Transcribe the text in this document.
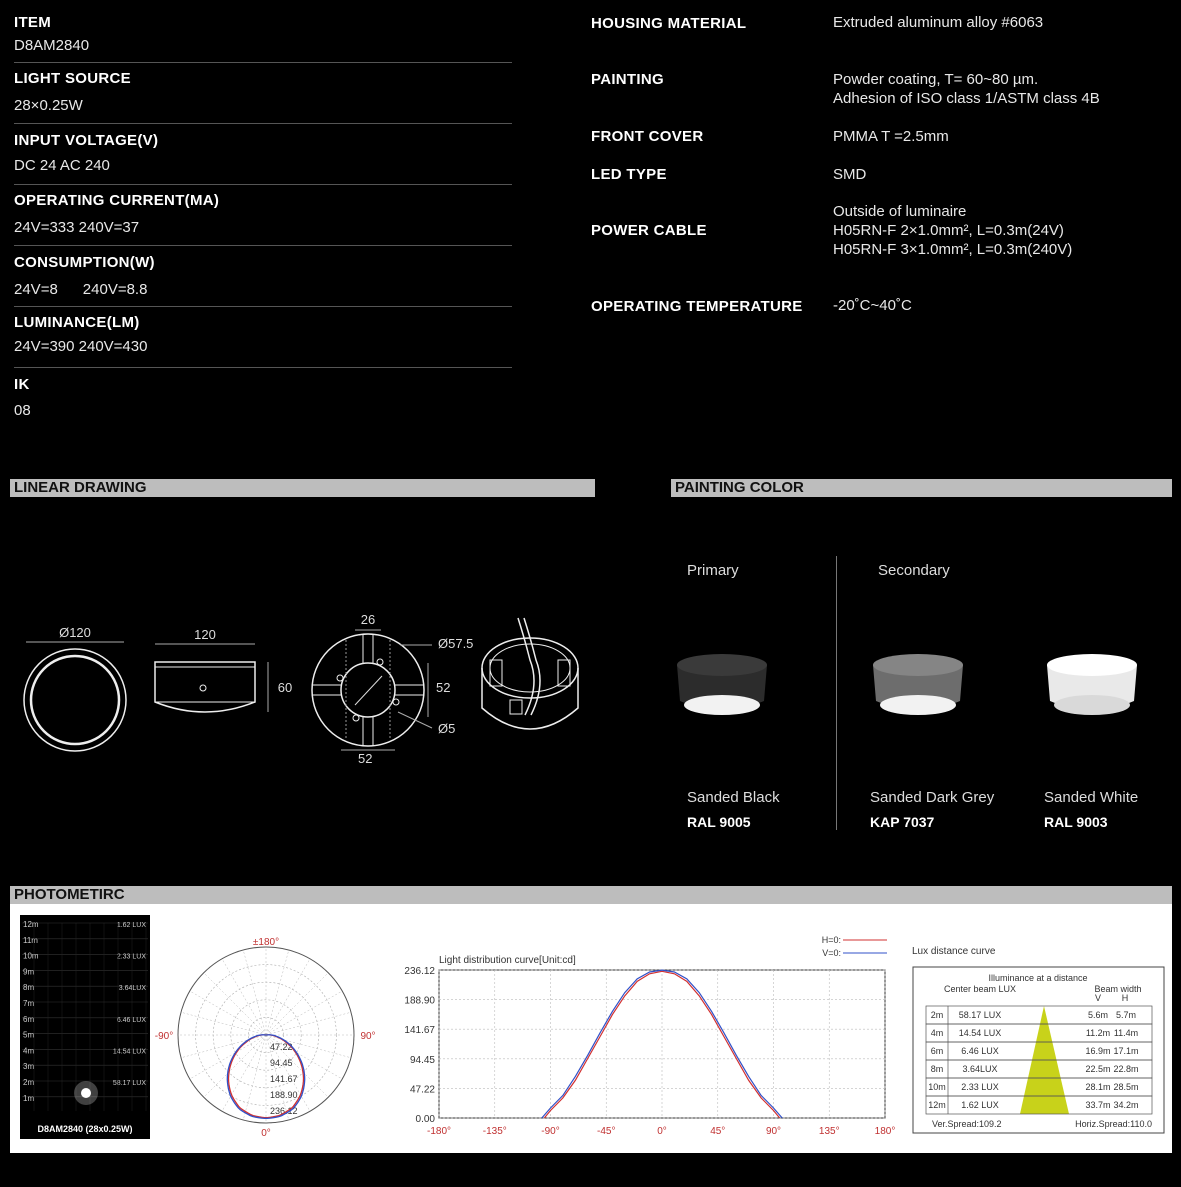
ITEM
D8AM2840
LIGHT SOURCE
28×0.25W
INPUT VOLTAGE(V)
DC 24 AC 240
OPERATING CURRENT(MA)
24V=333 240V=37
CONSUMPTION(W)
24V=8      240V=8.8
LUMINANCE(LM)
24V=390 240V=430
IK
08
HOUSING MATERIAL	Extruded aluminum alloy #6063
PAINTING	Powder coating, T= 60~80 µm.
Adhesion of ISO class 1/ASTM class 4B
FRONT COVER	PMMA T =2.5mm
LED TYPE	SMD
POWER CABLE
Outside of luminaire
H05RN-F 2×1.0mm², L=0.3m(24V)
H05RN-F 3×1.0mm², L=0.3m(240V)
OPERATING TEMPERATURE -20˚C~40˚C
LINEAR DRAWING	PAINTING COLOR
Ø120	120
60
26
Ø57.5
52
Ø5
52
Primary	Secondary
Sanded Black
RAL 9005
Sanded Dark Grey
KAP 7037
Sanded White
RAL 9003
PHOTOMETIRC
12m	1.62 LUX
11m
10m	2.33 LUX
9m
8m	3.64LUX
7m
6m	6.46 LUX
5m
4m	14.54 LUX
3m
2m	58.17 LUX
1m
D8AM2840 (28x0.25W)
±180°
-90°	90°
0°
47.22
94.45
141.67
188.90
236.12
Light distribution curve[Unit:cd]
H=0:
V=0:
236.12
188.90
141.67
94.45
47.22
0.00
-180°	-135°	-90°	-45°	0°	45°	90°	135°	180°
Lux distance curve
Illuminance at a distance
Center beam LUX	Beam width
V H
Ver.Spread:109.2	Horiz.Spread:110.0
2m 58.17 LUX	5.6m 5.7m
4m 14.54 LUX	11.2m 11.4m
6m 6.46 LUX	16.9m 17.1m
8m 3.64LUX	22.5m 22.8m
10m 2.33 LUX	28.1m 28.5m
12m 1.62 LUX	33.7m 34.2m
